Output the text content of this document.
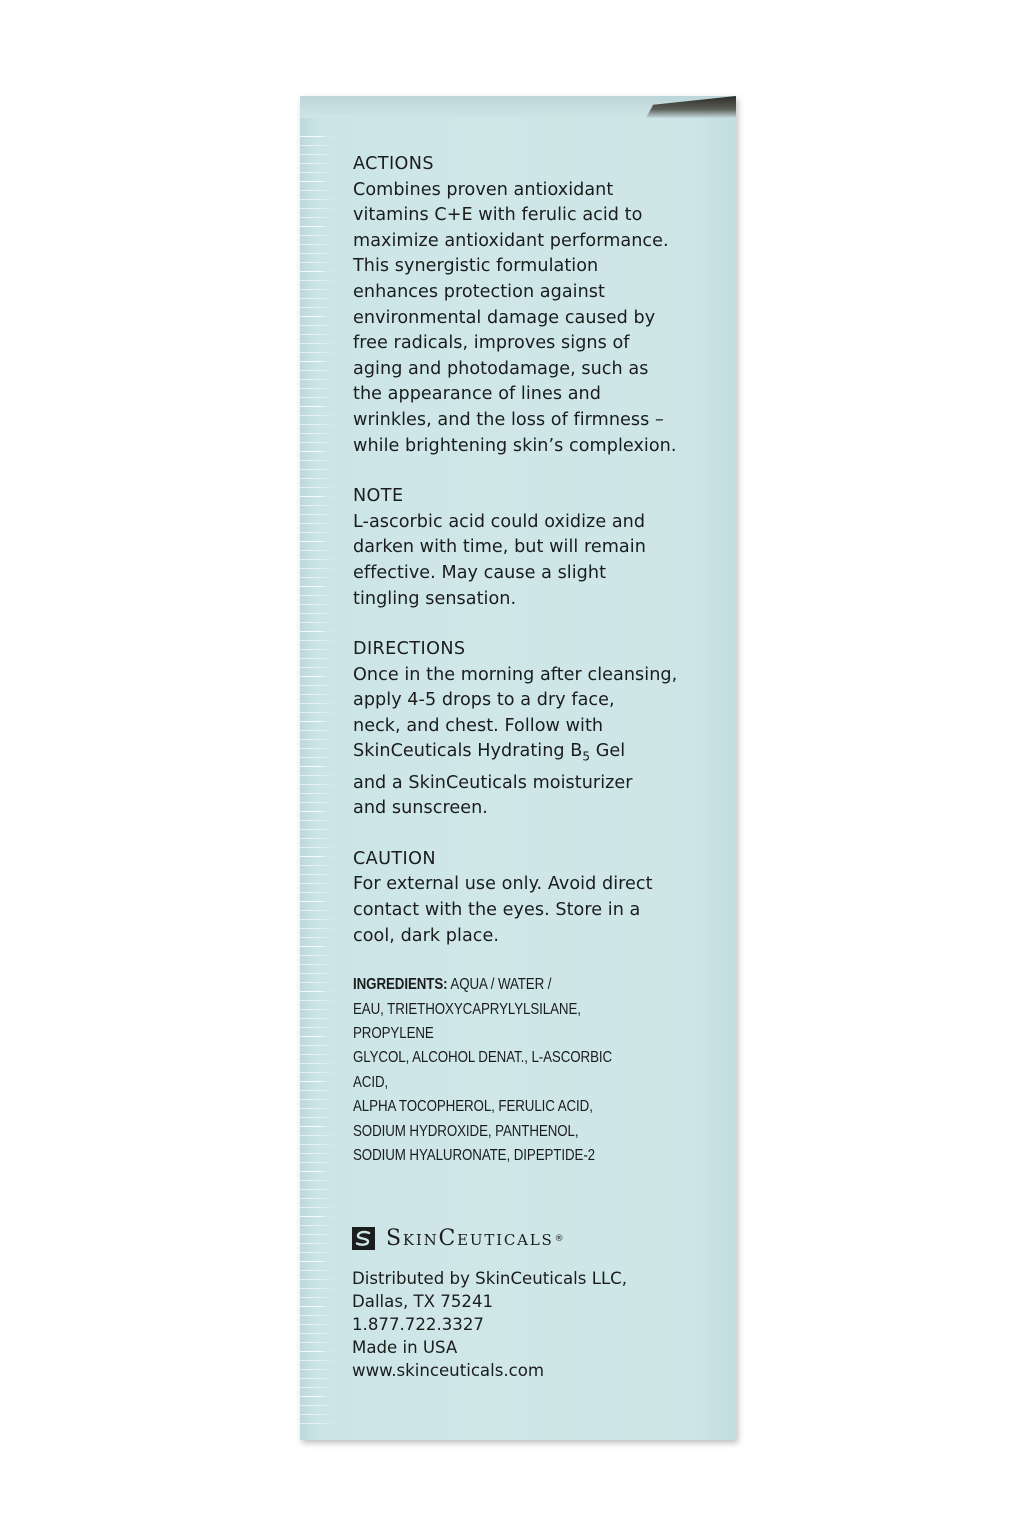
ACTIONS
Combines proven antioxidant
vitamins C+E with ferulic acid to
maximize antioxidant performance.
This synergistic formulation
enhances protection against
environmental damage caused by
free radicals, improves signs of
aging and photodamage, such as
the appearance of lines and
wrinkles, and the loss of firmness –
while brightening skin’s complexion.
NOTE
L-ascorbic acid could oxidize and
darken with time, but will remain
effective. May cause a slight
tingling sensation.
DIRECTIONS
Once in the morning after cleansing,
apply 4-5 drops to a dry face,
neck, and chest. Follow with
SkinCeuticals Hydrating $B_5$ Gel
and a SkinCeuticals moisturizer
and sunscreen.
CAUTION
For external use only. Avoid direct
contact with the eyes. Store in a
cool, dark place.
INGREDIENTS: AQUA / WATER /
EAU, TRIETHOXYCAPRYLYLSILANE, PROPYLENE
GLYCOL, ALCOHOL DENAT., L-ASCORBIC ACID,
ALPHA TOCOPHEROL, FERULIC ACID,
SODIUM HYDROXIDE, PANTHENOL,
SODIUM HYALURONATE, DIPEPTIDE-2
SkinCeuticals ®
Distributed by SkinCeuticals LLC,
Dallas, TX 75241
1.877.722.3327
Made in USA
www.skinceuticals.com
